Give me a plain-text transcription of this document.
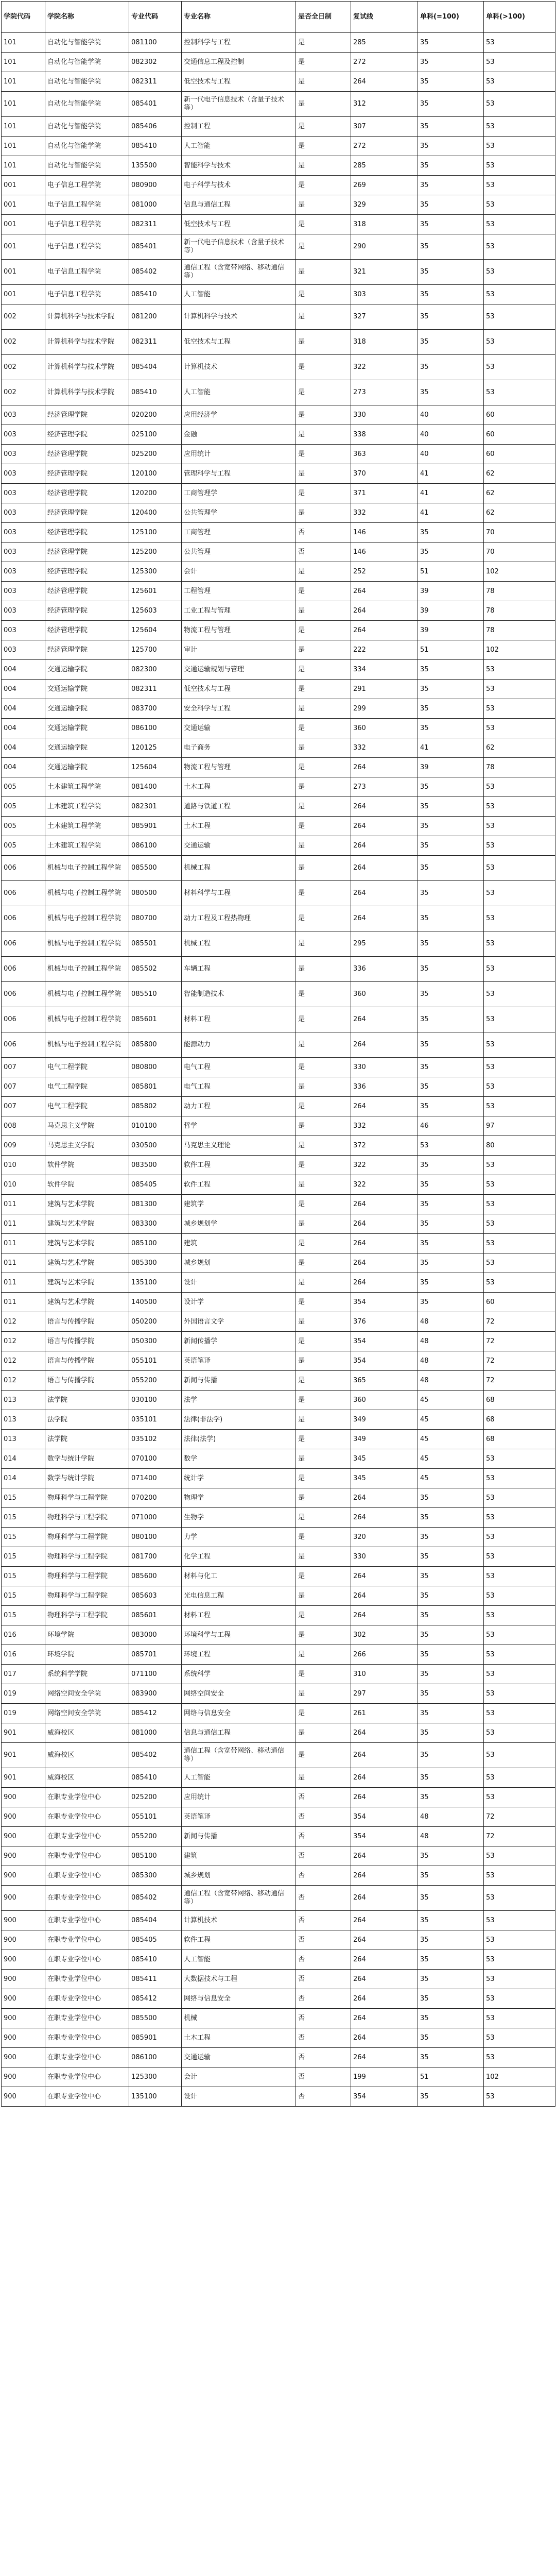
学院代码	学院名称	专业代码	专业名称	是否全日制	复试线	单科(=100)	单科(>100)
101	自动化与智能学院	081100	控制科学与工程	是	285	35	53
101	自动化与智能学院	082302	交通信息工程及控制	是	272	35	53
101	自动化与智能学院	082311	低空技术与工程	是	264	35	53
101	自动化与智能学院	085401	新一代电子信息技术（含量子技术等）	是	312	35	53
101	自动化与智能学院	085406	控制工程	是	307	35	53
101	自动化与智能学院	085410	人工智能	是	272	35	53
101	自动化与智能学院	135500	智能科学与技术	是	285	35	53
001	电子信息工程学院	080900	电子科学与技术	是	269	35	53
001	电子信息工程学院	081000	信息与通信工程	是	329	35	53
001	电子信息工程学院	082311	低空技术与工程	是	318	35	53
001	电子信息工程学院	085401	新一代电子信息技术（含量子技术等）	是	290	35	53
001	电子信息工程学院	085402	通信工程（含宽带网络、移动通信等）	是	321	35	53
001	电子信息工程学院	085410	人工智能	是	303	35	53
002	计算机科学与技术学院	081200	计算机科学与技术	是	327	35	53
002	计算机科学与技术学院	082311	低空技术与工程	是	318	35	53
002	计算机科学与技术学院	085404	计算机技术	是	322	35	53
002	计算机科学与技术学院	085410	人工智能	是	273	35	53
003	经济管理学院	020200	应用经济学	是	330	40	60
003	经济管理学院	025100	金融	是	338	40	60
003	经济管理学院	025200	应用统计	是	363	40	60
003	经济管理学院	120100	管理科学与工程	是	370	41	62
003	经济管理学院	120200	工商管理学	是	371	41	62
003	经济管理学院	120400	公共管理学	是	332	41	62
003	经济管理学院	125100	工商管理	否	146	35	70
003	经济管理学院	125200	公共管理	否	146	35	70
003	经济管理学院	125300	会计	是	252	51	102
003	经济管理学院	125601	工程管理	是	264	39	78
003	经济管理学院	125603	工业工程与管理	是	264	39	78
003	经济管理学院	125604	物流工程与管理	是	264	39	78
003	经济管理学院	125700	审计	是	222	51	102
004	交通运输学院	082300	交通运输规划与管理	是	334	35	53
004	交通运输学院	082311	低空技术与工程	是	291	35	53
004	交通运输学院	083700	安全科学与工程	是	299	35	53
004	交通运输学院	086100	交通运输	是	360	35	53
004	交通运输学院	120125	电子商务	是	332	41	62
004	交通运输学院	125604	物流工程与管理	是	264	39	78
005	土木建筑工程学院	081400	土木工程	是	273	35	53
005	土木建筑工程学院	082301	道路与铁道工程	是	264	35	53
005	土木建筑工程学院	085901	土木工程	是	264	35	53
005	土木建筑工程学院	086100	交通运输	是	264	35	53
006	机械与电子控制工程学院	085500	机械工程	是	264	35	53
006	机械与电子控制工程学院	080500	材料科学与工程	是	264	35	53
006	机械与电子控制工程学院	080700	动力工程及工程热物理	是	264	35	53
006	机械与电子控制工程学院	085501	机械工程	是	295	35	53
006	机械与电子控制工程学院	085502	车辆工程	是	336	35	53
006	机械与电子控制工程学院	085510	智能制造技术	是	360	35	53
006	机械与电子控制工程学院	085601	材料工程	是	264	35	53
006	机械与电子控制工程学院	085800	能源动力	是	264	35	53
007	电气工程学院	080800	电气工程	是	330	35	53
007	电气工程学院	085801	电气工程	是	336	35	53
007	电气工程学院	085802	动力工程	是	264	35	53
008	马克思主义学院	010100	哲学	是	332	46	97
009	马克思主义学院	030500	马克思主义理论	是	372	53	80
010	软件学院	083500	软件工程	是	322	35	53
010	软件学院	085405	软件工程	是	322	35	53
011	建筑与艺术学院	081300	建筑学	是	264	35	53
011	建筑与艺术学院	083300	城乡规划学	是	264	35	53
011	建筑与艺术学院	085100	建筑	是	264	35	53
011	建筑与艺术学院	085300	城乡规划	是	264	35	53
011	建筑与艺术学院	135100	设计	是	264	35	53
011	建筑与艺术学院	140500	设计学	是	354	35	60
012	语言与传播学院	050200	外国语言文学	是	376	48	72
012	语言与传播学院	050300	新闻传播学	是	354	48	72
012	语言与传播学院	055101	英语笔译	是	354	48	72
012	语言与传播学院	055200	新闻与传播	是	365	48	72
013	法学院	030100	法学	是	360	45	68
013	法学院	035101	法律(非法学)	是	349	45	68
013	法学院	035102	法律(法学)	是	349	45	68
014	数学与统计学院	070100	数学	是	345	45	53
014	数学与统计学院	071400	统计学	是	345	45	53
015	物理科学与工程学院	070200	物理学	是	264	35	53
015	物理科学与工程学院	071000	生物学	是	264	35	53
015	物理科学与工程学院	080100	力学	是	320	35	53
015	物理科学与工程学院	081700	化学工程	是	330	35	53
015	物理科学与工程学院	085600	材料与化工	是	264	35	53
015	物理科学与工程学院	085603	光电信息工程	是	264	35	53
015	物理科学与工程学院	085601	材料工程	是	264	35	53
016	环境学院	083000	环境科学与工程	是	302	35	53
016	环境学院	085701	环境工程	是	266	35	53
017	系统科学学院	071100	系统科学	是	310	35	53
019	网络空间安全学院	083900	网络空间安全	是	297	35	53
019	网络空间安全学院	085412	网络与信息安全	是	261	35	53
901	威海校区	081000	信息与通信工程	是	264	35	53
901	威海校区	085402	通信工程（含宽带网络、移动通信等）	是	264	35	53
901	威海校区	085410	人工智能	是	264	35	53
900	在职专业学位中心	025200	应用统计	否	264	35	53
900	在职专业学位中心	055101	英语笔译	否	354	48	72
900	在职专业学位中心	055200	新闻与传播	否	354	48	72
900	在职专业学位中心	085100	建筑	否	264	35	53
900	在职专业学位中心	085300	城乡规划	否	264	35	53
900	在职专业学位中心	085402	通信工程（含宽带网络、移动通信等）	否	264	35	53
900	在职专业学位中心	085404	计算机技术	否	264	35	53
900	在职专业学位中心	085405	软件工程	否	264	35	53
900	在职专业学位中心	085410	人工智能	否	264	35	53
900	在职专业学位中心	085411	大数据技术与工程	否	264	35	53
900	在职专业学位中心	085412	网络与信息安全	否	264	35	53
900	在职专业学位中心	085500	机械	否	264	35	53
900	在职专业学位中心	085901	土木工程	否	264	35	53
900	在职专业学位中心	086100	交通运输	否	264	35	53
900	在职专业学位中心	125300	会计	否	199	51	102
900	在职专业学位中心	135100	设计	否	354	35	53
